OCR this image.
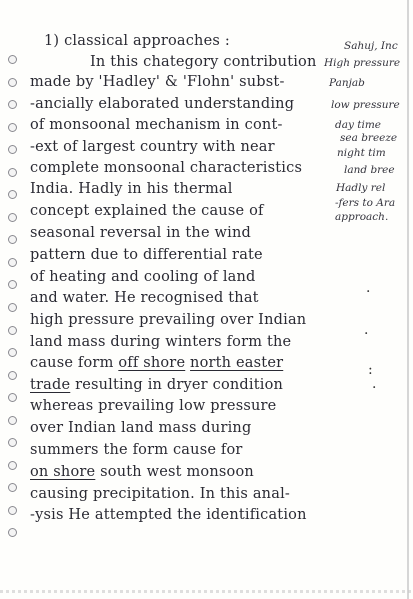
1) classical approaches :
In this chategory contribution
made by 'Hadley' & 'Flohn' subst-
-ancially elaborated understanding
of monsoonal mechanism in cont-
-ext of largest country with near
complete monsoonal characteristics
India. Hadly in his thermal
concept explained the cause of
seasonal reversal in the wind
pattern due to differential rate
of heating and cooling of land
and water. He recognised that
high pressure prevailing over Indian
land mass during winters form the
cause form off shore north easter
trade resulting in dryer condition
whereas prevailing low pressure
over Indian land mass during
summers the form cause for
on shore south west monsoon
causing precipitation. In this anal-
-ysis He attempted the identification
Sahuj, Inc
High pressure
Panjab
low pressure
day time
sea breeze
night tim
land bree
Hadly rel
-fers to Ara
approach.
·
·
:
·
